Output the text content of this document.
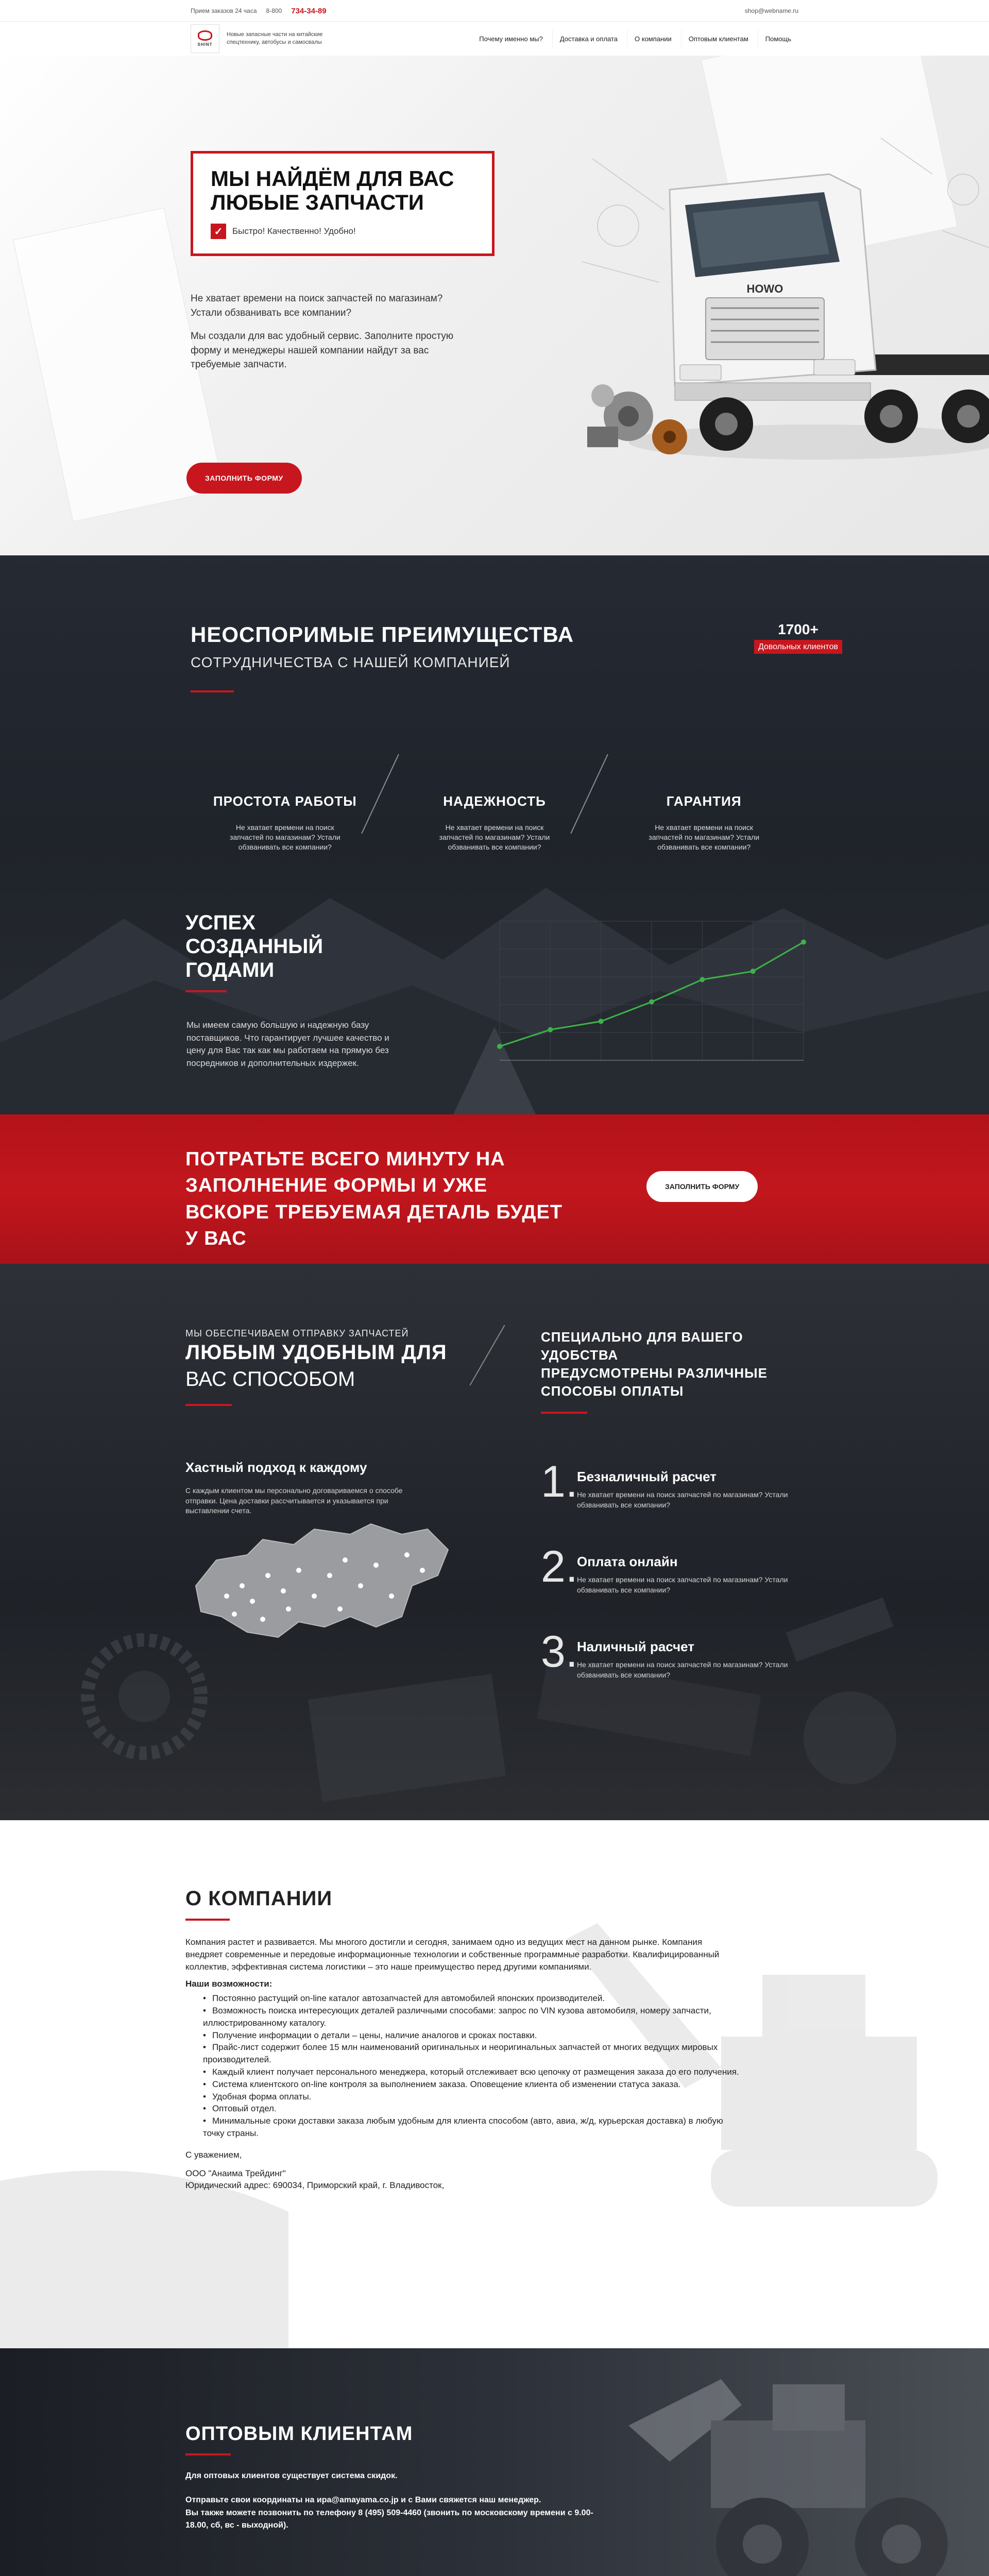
Прием заказов 24 часа 8-800 734-34-89	shop@webname.ru
SHINT
Новые запасные части на китайские спецтехнику, автобусы и самосвалы	Почему именно мы?	Доставка и оплата	О компании	Оптовым клиентам	Помощь
МЫ НАЙДЁМ ДЛЯ ВАС ЛЮБЫЕ ЗАПЧАСТИ
✓	Быстро! Качественно! Удобно!

Не хватает времени на поиск запчастей по магазинам? Устали обзванивать все компании?

Мы создали для вас удобный сервис. Заполните простую форму и менеджеры нашей компании найдут за вас требуемые запчасти.

ЗАПОЛНИТЬ ФОРМУ
HOWO
НЕОСПОРИМЫЕ ПРЕИМУЩЕСТВА
СОТРУДНИЧЕСТВА С НАШЕЙ КОМПАНИЕЙ
1700+
Довольных клиентов
ПРОСТОТА РАБОТЫ

Не хватает времени на поиск запчастей по магазинам? Устали обзванивать все компании?

НАДЕЖНОСТЬ

Не хватает времени на поиск запчастей по магазинам? Устали обзванивать все компании?

ГАРАНТИЯ

Не хватает времени на поиск запчастей по магазинам? Устали обзванивать все компании?

УСПЕХ
СОЗДАННЫЙ
ГОДАМИ

Мы имеем самую большую и надежную базу поставщиков. Что гарантирует лучшее качество и цену для Вас так как мы работаем на прямую без посредников и дополнительных издержек.

ПОТРАТЬТЕ ВСЕГО МИНУТУ НА ЗАПОЛНЕНИЕ ФОРМЫ И УЖЕ ВСКОРЕ ТРЕБУЕМАЯ ДЕТАЛЬ БУДЕТ У ВАС
ЗАПОЛНИТЬ ФОРМУ
МЫ ОБЕСПЕЧИВАЕМ ОТПРАВКУ ЗАПЧАСТЕЙ
ЛЮБЫМ УДОБНЫМ ДЛЯ
ВАС СПОСОБОМ
СПЕЦИАЛЬНО ДЛЯ ВАШЕГО УДОБСТВА
ПРЕДУСМОТРЕНЫ РАЗЛИЧНЫЕ
СПОСОБЫ ОПЛАТЫ
Хастный подход к каждому

С каждым клиентом мы персонально договариваемся о способе отправки. Цена доставки рассчитывается и указывается при выставлении счета.

1.
Безналичный расчет

Не хватает времени на поиск запчастей по магазинам? Устали обзванивать все компании?

2.
Оплата онлайн

Не хватает времени на поиск запчастей по магазинам? Устали обзванивать все компании?

3.
Наличный расчет

Не хватает времени на поиск запчастей по магазинам? Устали обзванивать все компании?

О КОМПАНИИ

Компания растет и развивается. Мы многого достигли и сегодня, занимаем одно из ведущих мест на данном рынке. Компания внедряет современные и передовые информационные технологии и собственные программные разработки. Квалифицированный коллектив, эффективная система логистики – это наше преимущество перед другими компаниями.

Наши возможности:

• Постоянно растущий on-line каталог автозапчастей для автомобилей японских производителей.
• Возможность поиска интересующих деталей различными способами: запрос по VIN кузова автомобиля, номеру запчасти, иллюстрированному каталогу.
• Получение информации о детали – цены, наличие аналогов и сроках поставки.
• Прайс-лист содержит более 15 млн наименований оригинальных и неоригинальных запчастей от многих ведущих мировых производителей.
• Каждый клиент получает персонального менеджера, который отслеживает всю цепочку от размещения заказа до его получения.
• Система клиентского on-line контроля за выполнением заказа. Оповещение клиента об изменении статуса заказа.
• Удобная форма оплаты.
• Оптовый отдел.
• Минимальные сроки доставки заказа любым удобным для клиента способом (авто, авиа, ж/д, курьерская доставка) в любую точку страны.

С уважением,

ООО "Анаима Трейдинг"

Юридический адрес: 690034, Приморский край, г. Владивосток,

ОПТОВЫМ КЛИЕНТАМ

Для оптовых клиентов существует система скидок.

Отправьте свои координаты на ира@amayama.co.jp и с Вами свяжется наш менеджер.

Вы также можете позвонить по телефону 8 (495) 509-4460 (звонить по московскому времени с 9.00-18.00, сб, вс - выходной).
